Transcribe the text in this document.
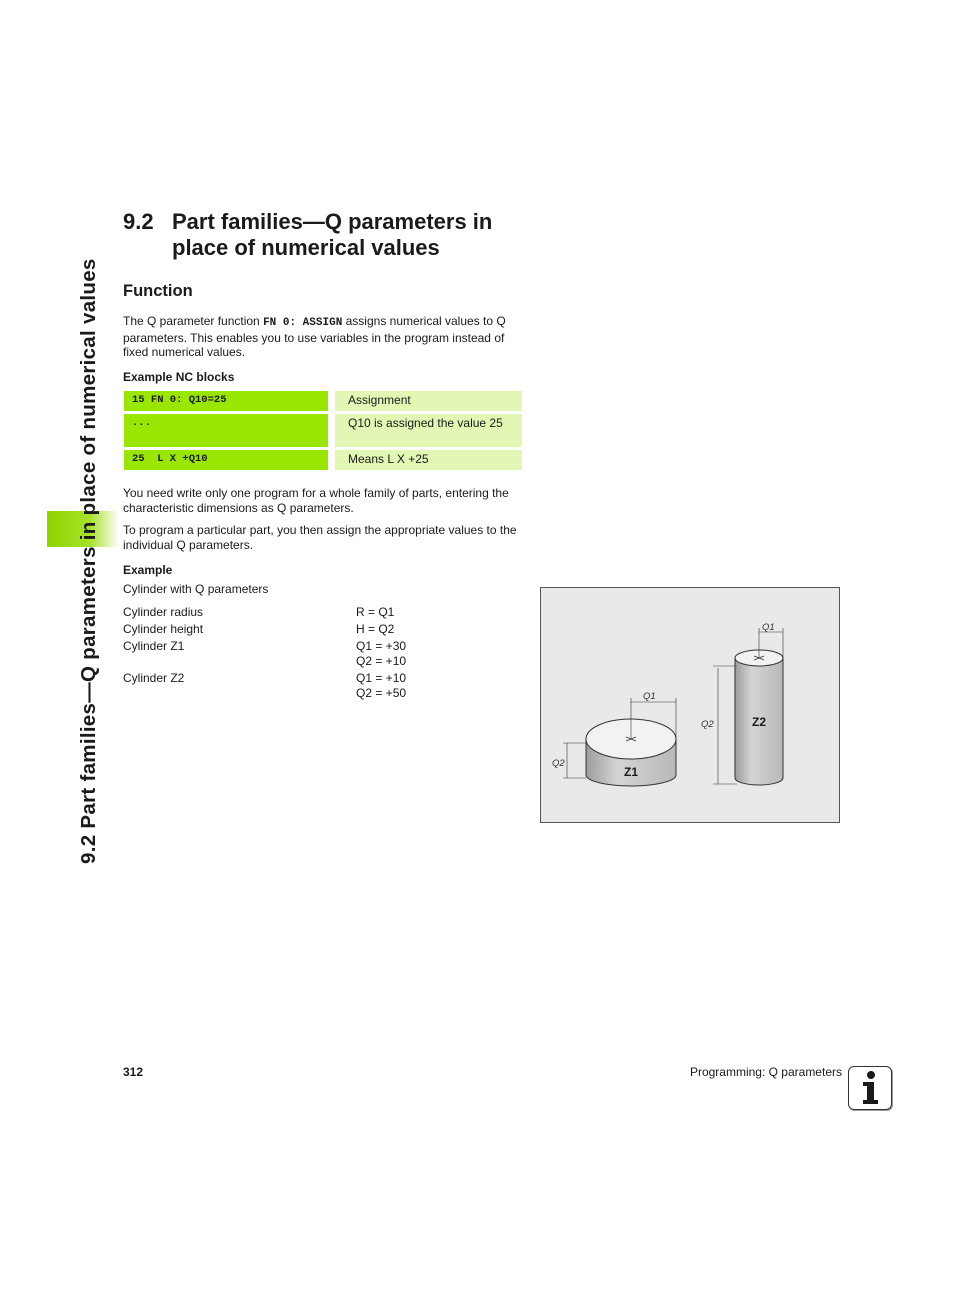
9.2 Part families—Q parameters in place of numerical values
9.2 Part families—Q parameters in place of numerical values
Function

The Q parameter function FN 0: ASSIGN assigns numerical values to Q parameters. This enables you to use variables in the program instead of fixed numerical values.

Example NC blocks
15 FN 0: Q10=25	Assignment
...	Q10 is assigned the value 25
25  L X +Q10	Means L X +25

You need write only one program for a whole family of parts, entering the characteristic dimensions as Q parameters.

To program a particular part, you then assign the appropriate values to the individual Q parameters.

Example

Cylinder with Q parameters

Cylinder radius	R = Q1
Cylinder height	H = Q2
Cylinder Z1	Q1 = +30
Q2 = +10
Cylinder Z2	Q1 = +10
Q2 = +50
Z1
Z2
Q1
Q2
Q1
Q2
312	Programming: Q parameters
